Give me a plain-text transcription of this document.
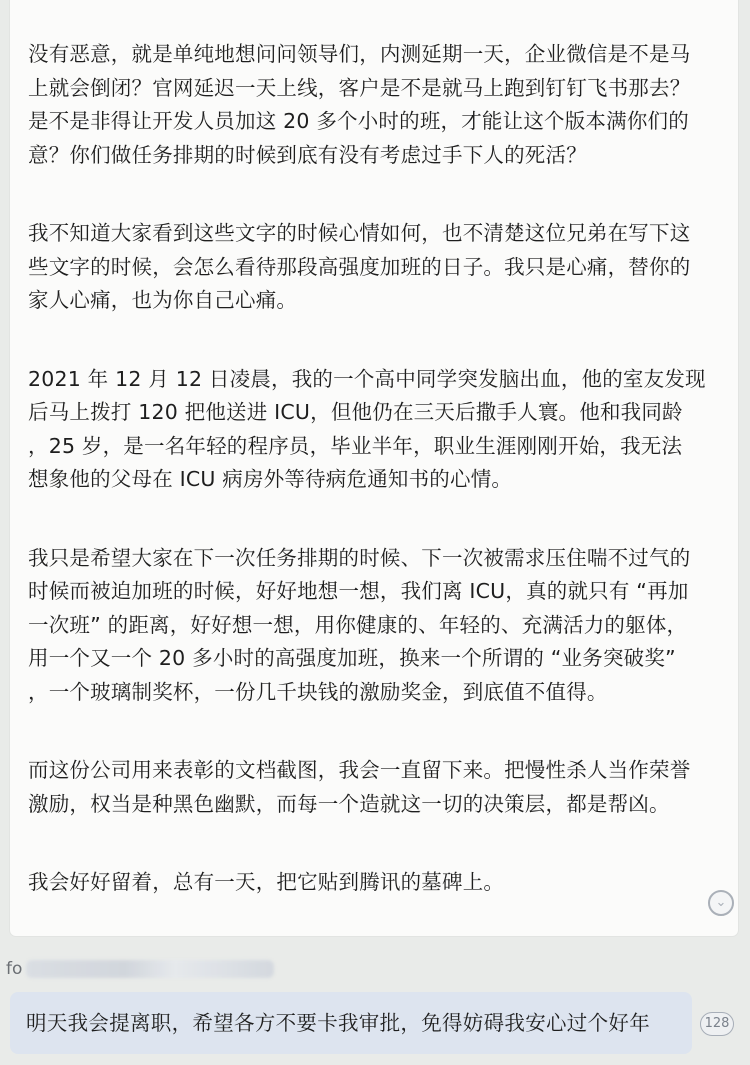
没有恶意，就是单纯地想问问领导们，内测延期一天，企业微信是不是马
上就会倒闭？官网延迟一天上线，客户是不是就马上跑到钉钉飞书那去？
是不是非得让开发人员加这 20 多个小时的班，才能让这个版本满你们的
意？你们做任务排期的时候到底有没有考虑过手下人的死活？

我不知道大家看到这些文字的时候心情如何，也不清楚这位兄弟在写下这
些文字的时候，会怎么看待那段高强度加班的日子。我只是心痛，替你的
家人心痛，也为你自己心痛。

2021 年 12 月 12 日凌晨，我的一个高中同学突发脑出血，他的室友发现
后马上拨打 120 把他送进 ICU，但他仍在三天后撒手人寰。他和我同龄
，25 岁，是一名年轻的程序员，毕业半年，职业生涯刚刚开始，我无法
想象他的父母在 ICU 病房外等待病危通知书的心情。

我只是希望大家在下一次任务排期的时候、下一次被需求压住喘不过气的
时候而被迫加班的时候，好好地想一想，我们离 ICU，真的就只有 “再加
一次班” 的距离，好好想一想，用你健康的、年轻的、充满活力的躯体，
用一个又一个 20 多小时的高强度加班，换来一个所谓的 “业务突破奖”
，一个玻璃制奖杯，一份几千块钱的激励奖金，到底值不值得。

而这份公司用来表彰的文档截图，我会一直留下来。把慢性杀人当作荣誉
激励，权当是种黑色幽默，而每一个造就这一切的决策层，都是帮凶。

我会好好留着，总有一天，把它贴到腾讯的墓碑上。

⌄
fo
明天我会提离职，希望各方不要卡我审批，免得妨碍我安心过个好年	128
